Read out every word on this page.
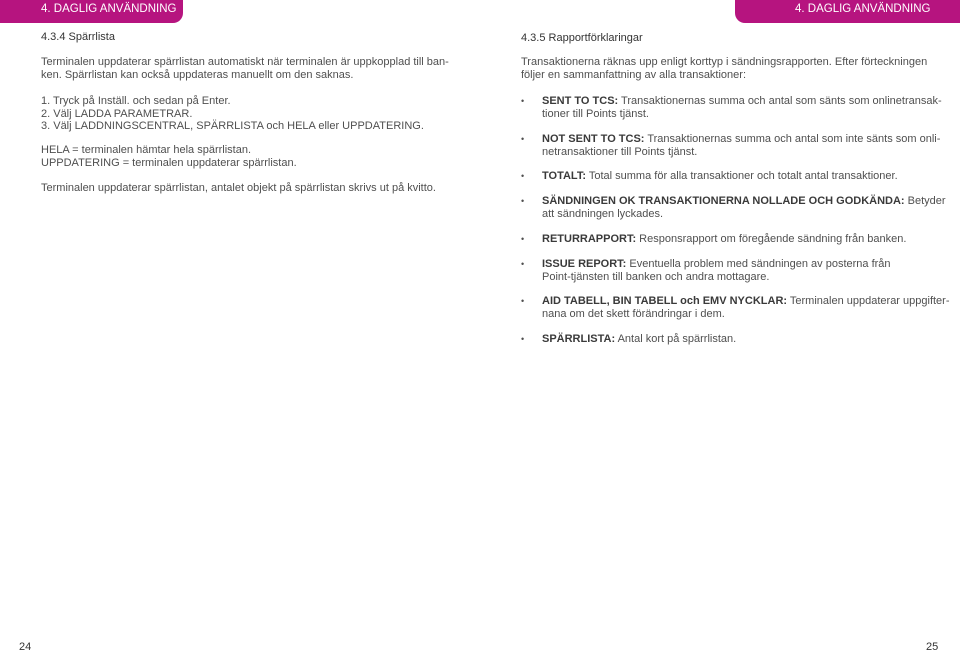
4. DAGLIG ANVÄNDNING	4. DAGLIG ANVÄNDNING
4.3.4 Spärrlista
Terminalen uppdaterar spärrlistan automatiskt när terminalen är uppkopplad till ban-
ken. Spärrlistan kan också uppdateras manuellt om den saknas.
1. Tryck på Inställ. och sedan på Enter.
2. Välj LADDA PARAMETRAR.
3. Välj LADDNINGSCENTRAL, SPÄRRLISTA och HELA eller UPPDATERING.
HELA = terminalen hämtar hela spärrlistan.
UPPDATERING = terminalen uppdaterar spärrlistan.
Terminalen uppdaterar spärrlistan, antalet objekt på spärrlistan skrivs ut på kvitto.
24
4.3.5 Rapportförklaringar
Transaktionerna räknas upp enligt korttyp i sändningsrapporten. Efter förteckningen
följer en sammanfattning av alla transaktioner:
• SENT TO TCS: Transaktionernas summa och antal som sänts som onlinetransak-
tioner till Points tjänst.
• NOT SENT TO TCS: Transaktionernas summa och antal som inte sänts som onli-
netransaktioner till Points tjänst.
• TOTALT: Total summa för alla transaktioner och totalt antal transaktioner.
• SÄNDNINGEN OK TRANSAKTIONERNA NOLLADE OCH GODKÄNDA: Betyder
att sändningen lyckades.
• RETURRAPPORT: Responsrapport om föregående sändning från banken.
• ISSUE REPORT: Eventuella problem med sändningen av posterna från
Point-tjänsten till banken och andra mottagare.
• AID TABELL, BIN TABELL och EMV NYCKLAR: Terminalen uppdaterar uppgifter-
nana om det skett förändringar i dem.
• SPÄRRLISTA: Antal kort på spärrlistan.
25
